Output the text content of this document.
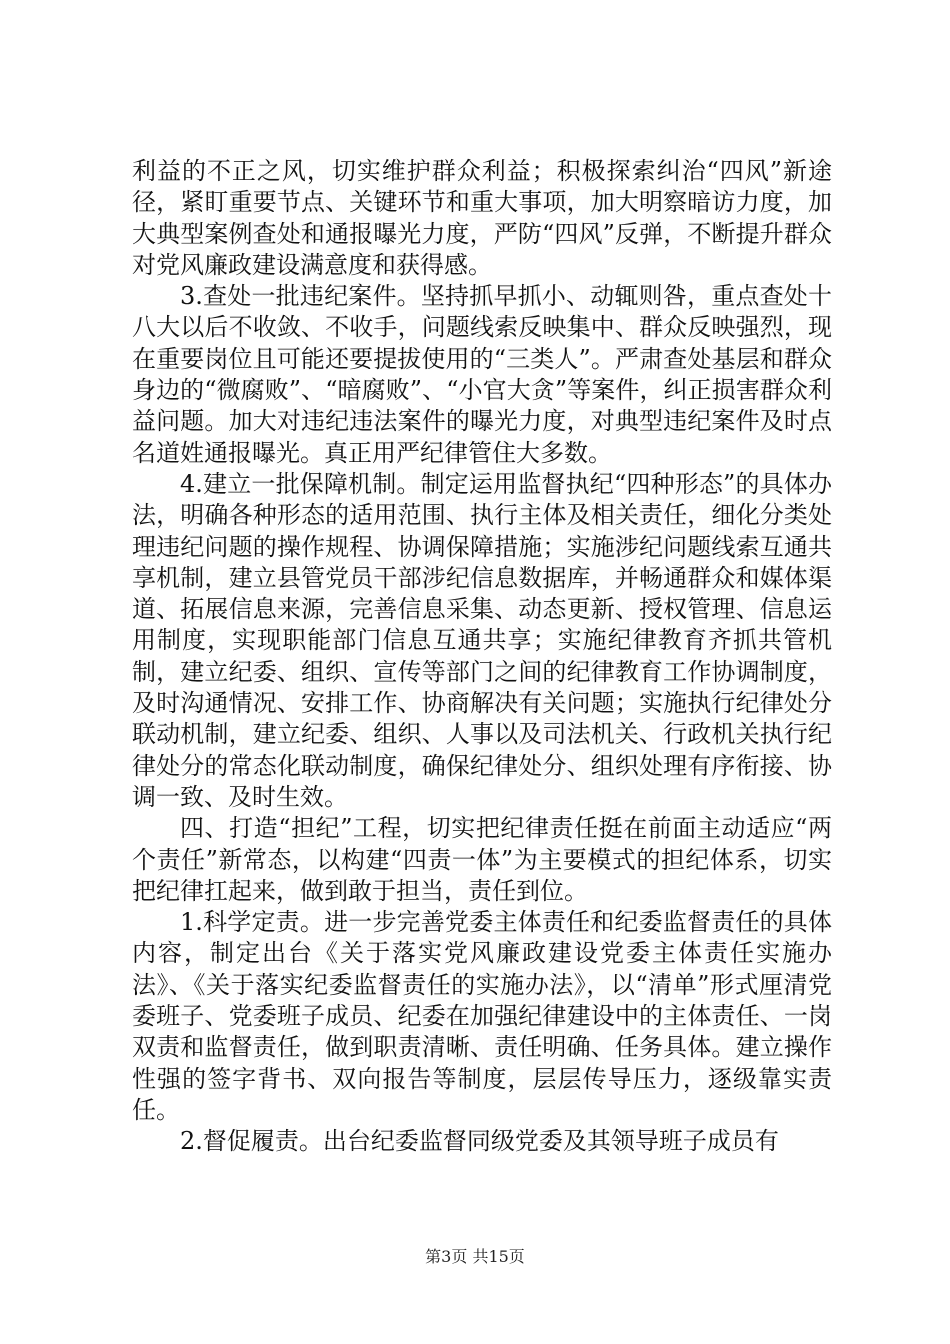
利益的不正之风，切实维护群众利益；积极探索纠治“四风”新途径，紧盯重要节点、关键环节和重大事项，加大明察暗访力度，加大典型案例查处和通报曝光力度，严防“四风”反弹，不断提升群众对党风廉政建设满意度和获得感。

3.查处一批违纪案件。坚持抓早抓小、动辄则咎，重点查处十八大以后不收敛、不收手，问题线索反映集中、群众反映强烈，现在重要岗位且可能还要提拔使用的“三类人”。严肃查处基层和群众身边的“微腐败”、“暗腐败”、“小官大贪”等案件，纠正损害群众利益问题。加大对违纪违法案件的曝光力度，对典型违纪案件及时点名道姓通报曝光。真正用严纪律管住大多数。

4.建立一批保障机制。制定运用监督执纪“四种形态”的具体办法，明确各种形态的适用范围、执行主体及相关责任，细化分类处理违纪问题的操作规程、协调保障措施；实施涉纪问题线索互通共享机制，建立县管党员干部涉纪信息数据库，并畅通群众和媒体渠道、拓展信息来源，完善信息采集、动态更新、授权管理、信息运用制度，实现职能部门信息互通共享；实施纪律教育齐抓共管机制，建立纪委、组织、宣传等部门之间的纪律教育工作协调制度，及时沟通情况、安排工作、协商解决有关问题；实施执行纪律处分联动机制，建立纪委、组织、人事以及司法机关、行政机关执行纪律处分的常态化联动制度，确保纪律处分、组织处理有序衔接、协调一致、及时生效。

四、打造“担纪”工程，切实把纪律责任挺在前面主动适应“两个责任”新常态，以构建“四责一体”为主要模式的担纪体系，切实把纪律扛起来，做到敢于担当，责任到位。

1.科学定责。进一步完善党委主体责任和纪委监督责任的具体内容，制定出台《关于落实党风廉政建设党委主体责任实施办法》、《关于落实纪委监督责任的实施办法》，以“清单”形式厘清党委班子、党委班子成员、纪委在加强纪律建设中的主体责任、一岗双责和监督责任，做到职责清晰、责任明确、任务具体。建立操作性强的签字背书、双向报告等制度，层层传导压力，逐级靠实责任。

2.督促履责。出台纪委监督同级党委及其领导班子成员有

第3页 共15页
